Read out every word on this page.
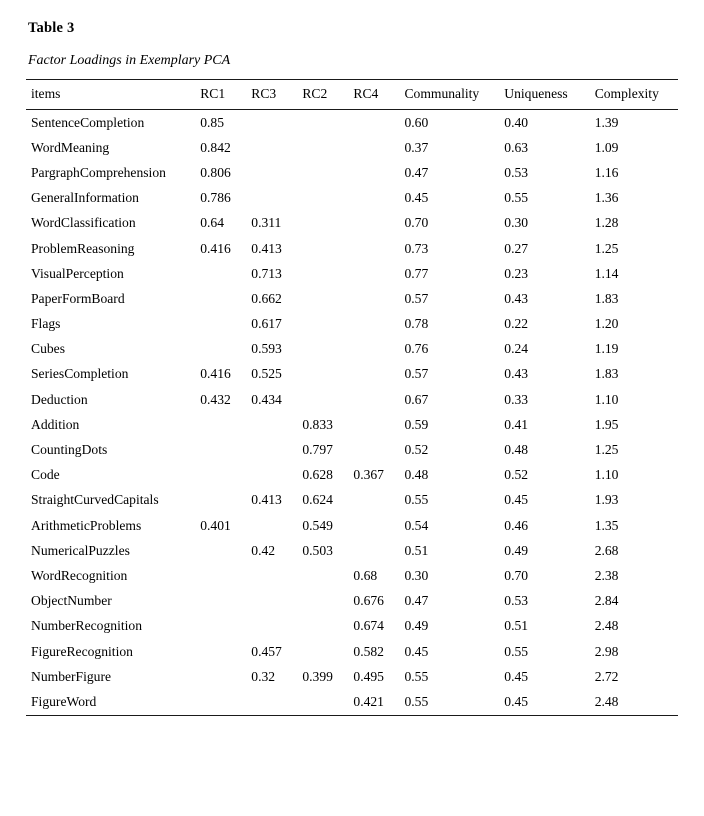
Table 3
Factor Loadings in Exemplary PCA
items	RC1	RC3	RC2	RC4	Communality	Uniqueness	Complexity
SentenceCompletion	0.85				0.60	0.40	1.39
WordMeaning	0.842				0.37	0.63	1.09
PargraphComprehension	0.806				0.47	0.53	1.16
GeneralInformation	0.786				0.45	0.55	1.36
WordClassification	0.64	0.311			0.70	0.30	1.28
ProblemReasoning	0.416	0.413			0.73	0.27	1.25
VisualPerception		0.713			0.77	0.23	1.14
PaperFormBoard		0.662			0.57	0.43	1.83
Flags		0.617			0.78	0.22	1.20
Cubes		0.593			0.76	0.24	1.19
SeriesCompletion	0.416	0.525			0.57	0.43	1.83
Deduction	0.432	0.434			0.67	0.33	1.10
Addition			0.833		0.59	0.41	1.95
CountingDots			0.797		0.52	0.48	1.25
Code			0.628	0.367	0.48	0.52	1.10
StraightCurvedCapitals		0.413	0.624		0.55	0.45	1.93
ArithmeticProblems	0.401		0.549		0.54	0.46	1.35
NumericalPuzzles		0.42	0.503		0.51	0.49	2.68
WordRecognition				0.68	0.30	0.70	2.38
ObjectNumber				0.676	0.47	0.53	2.84
NumberRecognition				0.674	0.49	0.51	2.48
FigureRecognition		0.457		0.582	0.45	0.55	2.98
NumberFigure		0.32	0.399	0.495	0.55	0.45	2.72
FigureWord				0.421	0.55	0.45	2.48
